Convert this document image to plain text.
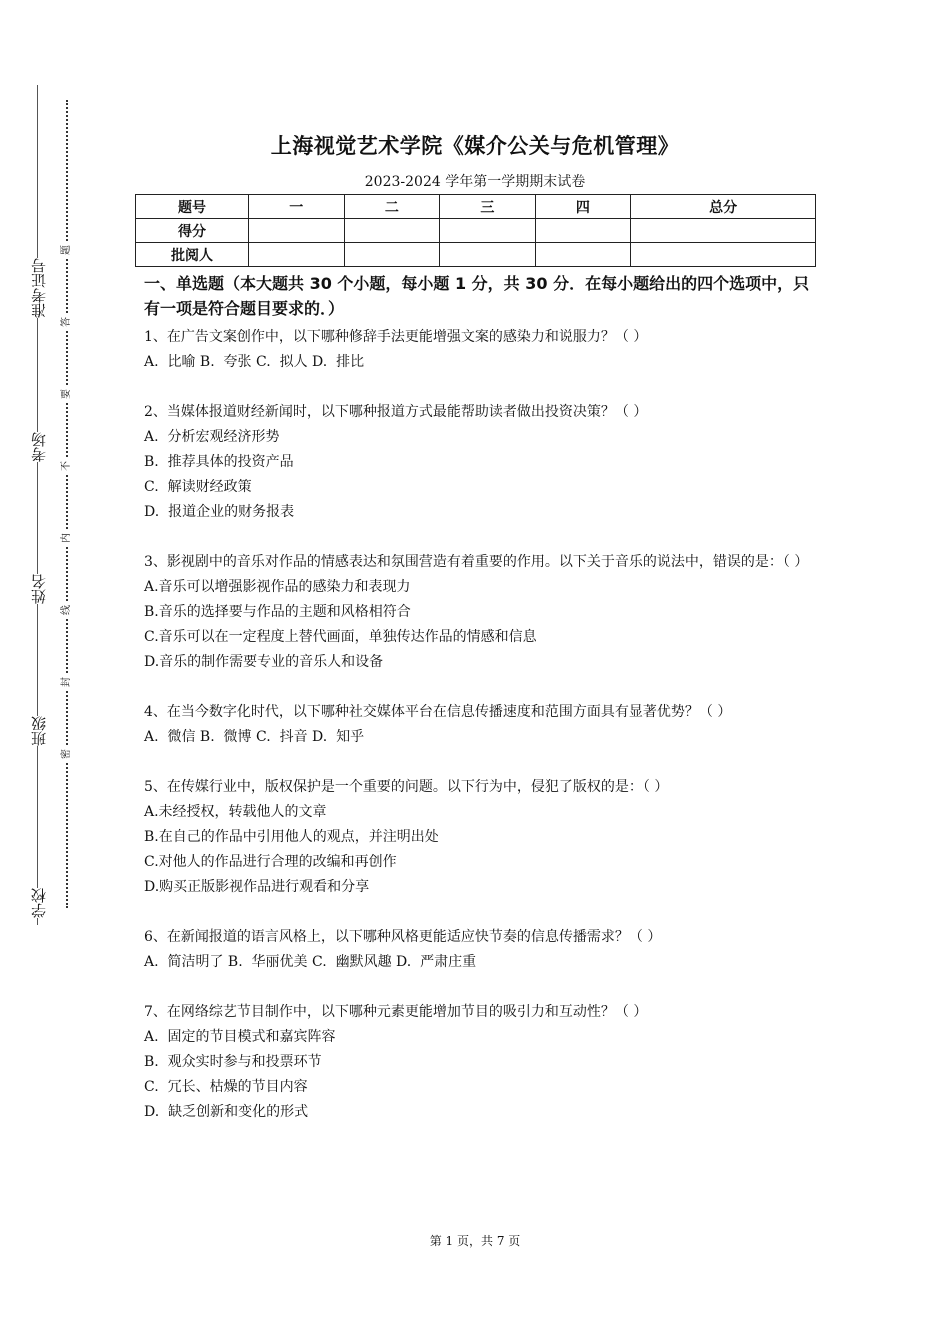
准考证号
考场
姓名
班级
学校
题
答
要
不
内
线
封
密
上海视觉艺术学院《媒介公关与危机管理》
2023-2024 学年第一学期期末试卷
题号	一	二	三	四	总分
得分					
批阅人					
一、单选题（本大题共 30 个小题，每小题 1 分，共 30 分．在每小题给出的四个选项中，只有一项是符合题目要求的．）

1、在广告文案创作中，以下哪种修辞手法更能增强文案的感染力和说服力？（ ）

A.  比喻 B.  夸张 C.  拟人 D.  排比

2、当媒体报道财经新闻时，以下哪种报道方式最能帮助读者做出投资决策？（ ）

A.  分析宏观经济形势

B.  推荐具体的投资产品

C.  解读财经政策

D.  报道企业的财务报表

3、影视剧中的音乐对作品的情感表达和氛围营造有着重要的作用。以下关于音乐的说法中，错误的是：（ ）

A.音乐可以增强影视作品的感染力和表现力

B.音乐的选择要与作品的主题和风格相符合

C.音乐可以在一定程度上替代画面，单独传达作品的情感和信息

D.音乐的制作需要专业的音乐人和设备

4、在当今数字化时代，以下哪种社交媒体平台在信息传播速度和范围方面具有显著优势？（ ）

A.  微信 B.  微博 C.  抖音 D.  知乎

5、在传媒行业中，版权保护是一个重要的问题。以下行为中，侵犯了版权的是：（ ）

A.未经授权，转载他人的文章

B.在自己的作品中引用他人的观点，并注明出处

C.对他人的作品进行合理的改编和再创作

D.购买正版影视作品进行观看和分享

6、在新闻报道的语言风格上，以下哪种风格更能适应快节奏的信息传播需求？（ ）

A.  简洁明了 B.  华丽优美 C.  幽默风趣 D.  严肃庄重

7、在网络综艺节目制作中，以下哪种元素更能增加节目的吸引力和互动性？（ ）

A.  固定的节目模式和嘉宾阵容

B.  观众实时参与和投票环节

C.  冗长、枯燥的节目内容

D.  缺乏创新和变化的形式

第 1 页，共 7 页
